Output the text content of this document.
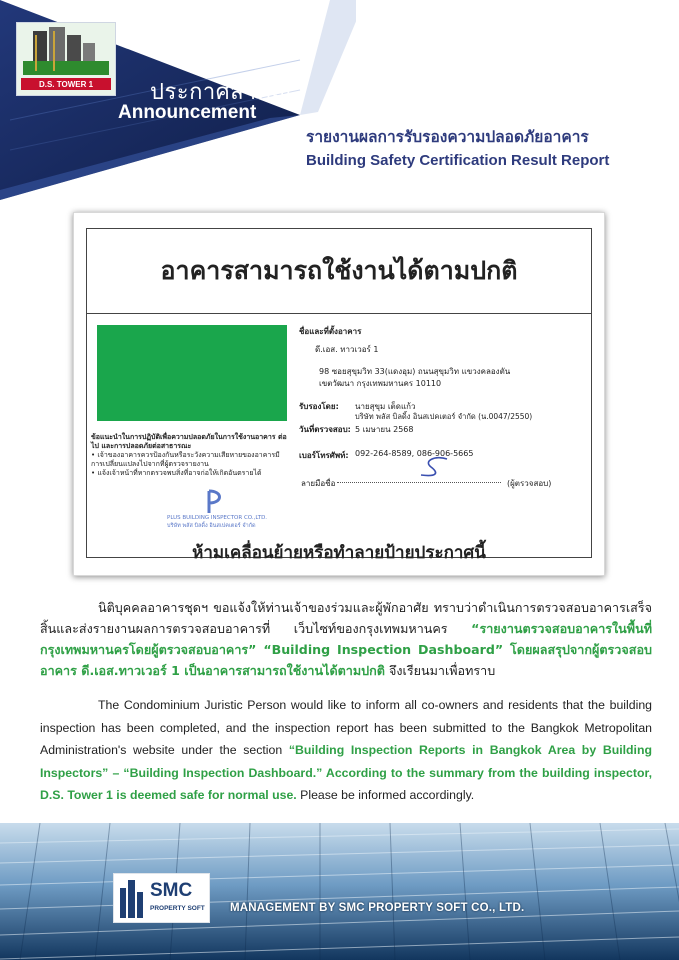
D.S. TOWER 1	ประกาศสำคัญ
Announcement
รายงานผลการรับรองความปลอดภัยอาคาร
Building Safety Certification Result Report
อาคารสามารถใช้งานได้ตามปกติ
ชื่อและที่ตั้งอาคาร
ดี.เอส. ทาวเวอร์ 1
98 ซอยสุขุมวิท 33(แดงอุม) ถนนสุขุมวิท แขวงคลองตัน
เขตวัฒนา กรุงเทพมหานคร 10110
รับรองโดย: นายสุขุม เต็ดแก้ว
บริษัท พลัส บิลดิ้ง อินสเปคเตอร์ จำกัด (น.0047/2550)
วันที่ตรวจสอบ: 5 เมษายน 2568
เบอร์โทรศัพท์: 092-264-8589, 086-906-5665
ข้อแนะนำในการปฏิบัติเพื่อความปลอดภัยในการใช้งานอาคาร ต่อไป และการปลอดภัยต่อสาธารณะ
• เจ้าของอาคารควรป้องกันหรือระวังความเสียหายของอาคารมีการเปลี่ยนแปลงไปจากที่ผู้ตรวจรายงาน
• แจ้งเจ้าหน้าที่หากตรวจพบสิ่งที่อาจก่อให้เกิดอันตรายได้
ลายมือชื่อ	(ผู้ตรวจสอบ)
PLUS BUILDING INSPECTOR CO.,LTD.
บริษัท พลัส บิลดิ้ง อินสเปคเตอร์ จำกัด
ห้ามเคลื่อนย้ายหรือทำลายป้ายประกาศนี้
นิติบุคคลอาคารชุดฯ ขอแจ้งให้ท่านเจ้าของร่วมและผู้พักอาศัย ทราบว่าดำเนินการตรวจสอบอาคารเสร็จสิ้นและส่งรายงานผลการตรวจสอบอาคารที่ เว็บไซท์ของกรุงเทพมหานคร “รายงานตรวจสอบอาคารในพื้นที่กรุงเทพมหานครโดยผู้ตรวจสอบอาคาร” “Building Inspection Dashboard” โดยผลสรุปจากผู้ตรวจสอบอาคาร ดี.เอส.ทาวเวอร์ 1 เป็นอาคารสามารถใช้งานได้ตามปกติ จึงเรียนมาเพื่อทราบ
The Condominium Juristic Person would like to inform all co-owners and residents that the building inspection has been completed, and the inspection report has been submitted to the Bangkok Metropolitan Administration's website under the section “Building Inspection Reports in Bangkok Area by Building Inspectors” – “Building Inspection Dashboard.” According to the summary from the building inspector, D.S. Tower 1 is deemed safe for normal use. Please be informed accordingly.
SMC
PROPERTY SOFT MANAGEMENT BY SMC PROPERTY SOFT CO., LTD.
